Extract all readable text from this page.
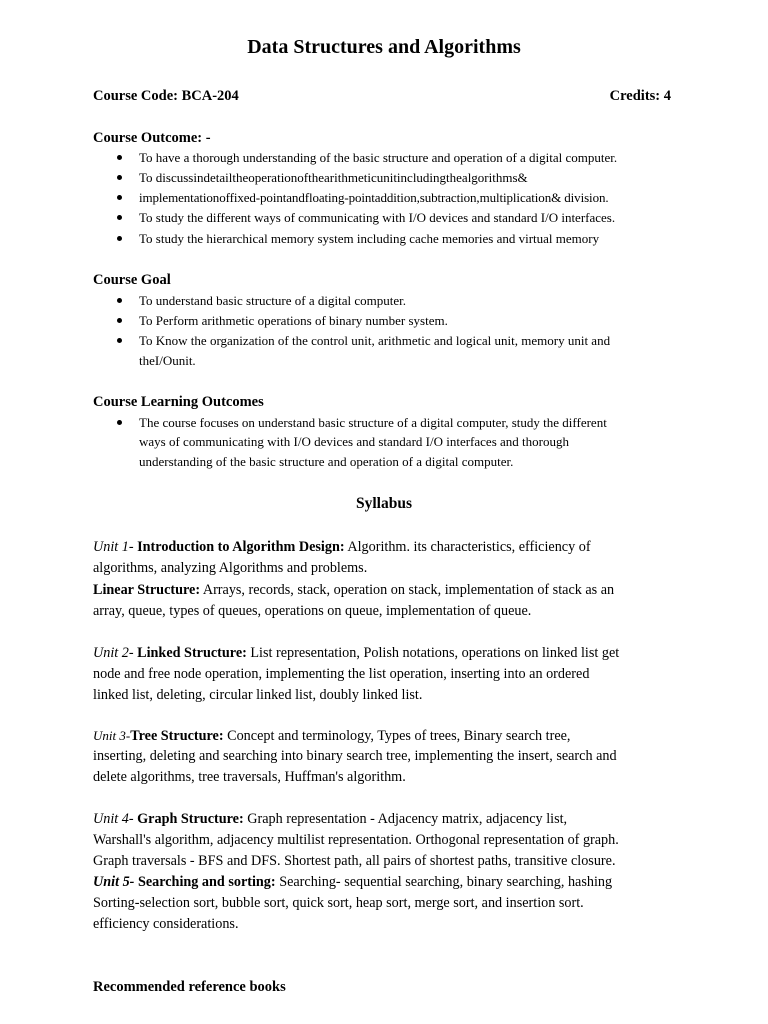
Data Structures and Algorithms
Course Code: BCA-204	Credits: 4
Course Outcome: -
To have a thorough understanding of the basic structure and operation of a digital computer.
To discussindetailtheoperationofthearithmeticunitincludingthealgorithms&
implementationoffixed-pointandfloating-pointaddition,subtraction,multiplication& division.
To study the different ways of communicating with I/O devices and standard I/O interfaces.
To study the hierarchical memory system including cache memories and virtual memory
Course Goal
To understand basic structure of a digital computer.
To Perform arithmetic operations of binary number system.
To Know the organization of the control unit, arithmetic and logical unit, memory unit and
theI/Ounit.
Course Learning Outcomes
The course focuses on understand basic structure of a digital computer, study the different
ways of communicating with I/O devices and standard I/O interfaces and thorough
understanding of the basic structure and operation of a digital computer.
Syllabus
Unit 1- Introduction to Algorithm Design: Algorithm. its characteristics, efficiency of
algorithms, analyzing Algorithms and problems.
Linear Structure: Arrays, records, stack, operation on stack, implementation of stack as an
array, queue, types of queues, operations on queue, implementation of queue.
Unit 2- Linked Structure: List representation, Polish notations, operations on linked list get
node and free node operation, implementing the list operation, inserting into an ordered
linked list, deleting, circular linked list, doubly linked list.
Unit 3-Tree Structure: Concept and terminology, Types of trees, Binary search tree,
inserting, deleting and searching into binary search tree, implementing the insert, search and
delete algorithms, tree traversals, Huffman's algorithm.
Unit 4- Graph Structure: Graph representation - Adjacency matrix, adjacency list,
Warshall's algorithm, adjacency multilist representation. Orthogonal representation of graph.
Graph traversals - BFS and DFS. Shortest path, all pairs of shortest paths, transitive closure.
Unit 5- Searching and sorting: Searching- sequential searching, binary searching, hashing
Sorting-selection sort, bubble sort, quick sort, heap sort, merge sort, and insertion sort.
efficiency considerations.
Recommended reference books
